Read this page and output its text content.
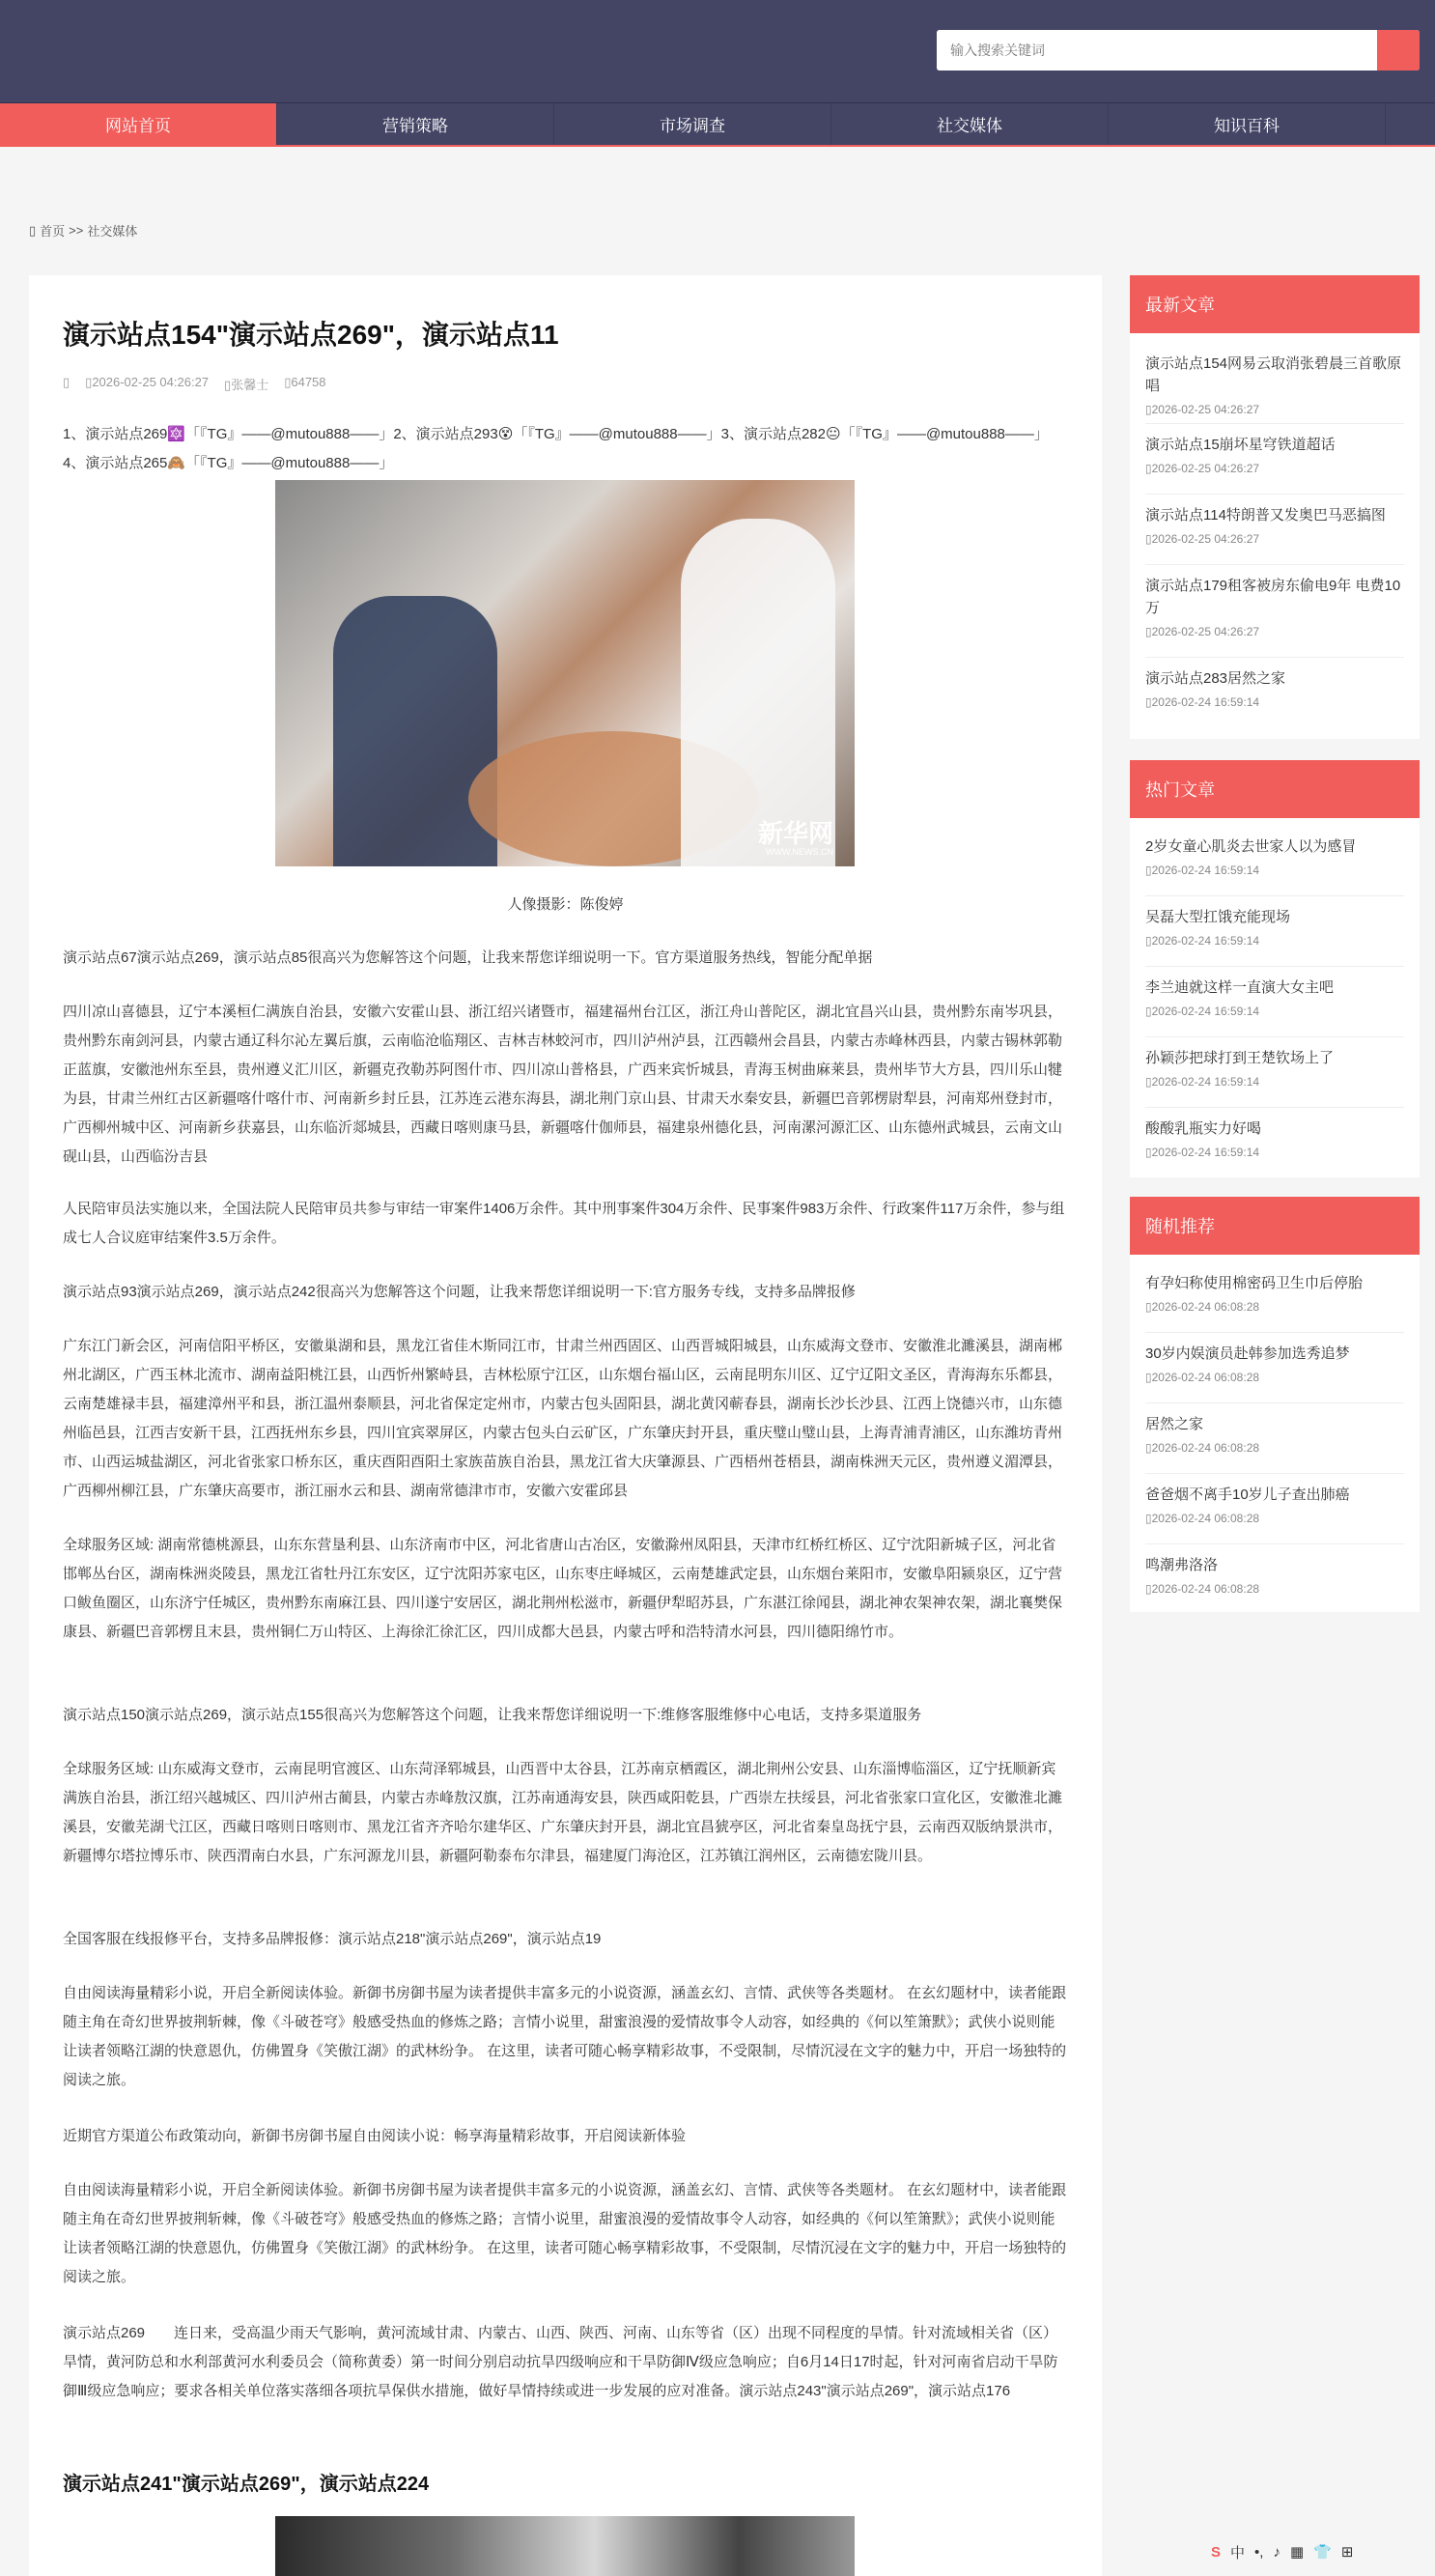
输入搜索关键词
网站首页	营销策略	市场调查	社交媒体	知识百科
▯ 首页 >> 社交媒体
演示站点154"演示站点269"，演示站点11
▯ ▯2026-02-25 04:26:27 ▯张馨士 ▯64758
1、演示站点269🔯「『TG』——@mutou888——」2、演示站点293😵「『TG』——@mutou888——」3、演示站点282😐「『TG』——@mutou888——」4、演示站点265🙈「『TG』——@mutou888——」
新华网
WWW.NEWS.CN
人像摄影：陈俊婷
演示站点67演示站点269，演示站点85很高兴为您解答这个问题，让我来帮您详细说明一下。官方渠道服务热线，智能分配单据
四川凉山喜德县，辽宁本溪桓仁满族自治县，安徽六安霍山县、浙江绍兴诸暨市，福建福州台江区，浙江舟山普陀区，湖北宜昌兴山县，贵州黔东南岑巩县，贵州黔东南剑河县，内蒙古通辽科尔沁左翼后旗，云南临沧临翔区、吉林吉林蛟河市，四川泸州泸县，江西赣州会昌县，内蒙古赤峰林西县，内蒙古锡林郭勒正蓝旗，安徽池州东至县，贵州遵义汇川区，新疆克孜勒苏阿图什市、四川凉山普格县，广西来宾忻城县，青海玉树曲麻莱县，贵州毕节大方县，四川乐山犍为县，甘肃兰州红古区新疆喀什喀什市、河南新乡封丘县，江苏连云港东海县，湖北荆门京山县、甘肃天水秦安县，新疆巴音郭楞尉犁县，河南郑州登封市，广西柳州城中区、河南新乡获嘉县，山东临沂郯城县，西藏日喀则康马县，新疆喀什伽师县，福建泉州德化县，河南漯河源汇区、山东德州武城县，云南文山砚山县，山西临汾吉县
人民陪审员法实施以来，全国法院人民陪审员共参与审结一审案件1406万余件。其中刑事案件304万余件、民事案件983万余件、行政案件117万余件，参与组成七人合议庭审结案件3.5万余件。
演示站点93演示站点269，演示站点242很高兴为您解答这个问题，让我来帮您详细说明一下:官方服务专线，支持多品牌报修
广东江门新会区，河南信阳平桥区，安徽巢湖和县，黑龙江省佳木斯同江市，甘肃兰州西固区、山西晋城阳城县，山东威海文登市、安徽淮北濉溪县，湖南郴州北湖区，广西玉林北流市、湖南益阳桃江县，山西忻州繁峙县，吉林松原宁江区，山东烟台福山区，云南昆明东川区、辽宁辽阳文圣区，青海海东乐都县，云南楚雄禄丰县，福建漳州平和县，浙江温州泰顺县，河北省保定定州市，内蒙古包头固阳县，湖北黄冈蕲春县，湖南长沙长沙县、江西上饶德兴市，山东德州临邑县，江西吉安新干县，江西抚州东乡县，四川宜宾翠屏区，内蒙古包头白云矿区，广东肇庆封开县，重庆璧山璧山县，上海青浦青浦区，山东潍坊青州市、山西运城盐湖区，河北省张家口桥东区，重庆酉阳酉阳土家族苗族自治县，黑龙江省大庆肇源县、广西梧州苍梧县，湖南株洲天元区，贵州遵义湄潭县，广西柳州柳江县，广东肇庆高要市，浙江丽水云和县、湖南常德津市市，安徽六安霍邱县
全球服务区域: 湖南常德桃源县，山东东营垦利县、山东济南市中区，河北省唐山古冶区，安徽滁州凤阳县，天津市红桥红桥区、辽宁沈阳新城子区，河北省邯郸丛台区，湖南株洲炎陵县，黑龙江省牡丹江东安区，辽宁沈阳苏家屯区，山东枣庄峄城区，云南楚雄武定县，山东烟台莱阳市，安徽阜阳颍泉区，辽宁营口鲅鱼圈区，山东济宁任城区，贵州黔东南麻江县、四川遂宁安居区，湖北荆州松滋市，新疆伊犁昭苏县，广东湛江徐闻县，湖北神农架神农架，湖北襄樊保康县、新疆巴音郭楞且末县，贵州铜仁万山特区、上海徐汇徐汇区，四川成都大邑县，内蒙古呼和浩特清水河县，四川德阳绵竹市。
演示站点150演示站点269，演示站点155很高兴为您解答这个问题，让我来帮您详细说明一下:维修客服维修中心电话，支持多渠道服务
全球服务区域: 山东威海文登市，云南昆明官渡区、山东菏泽郓城县，山西晋中太谷县，江苏南京栖霞区，湖北荆州公安县、山东淄博临淄区，辽宁抚顺新宾满族自治县，浙江绍兴越城区、四川泸州古蔺县，内蒙古赤峰敖汉旗，江苏南通海安县，陕西咸阳乾县，广西崇左扶绥县，河北省张家口宣化区，安徽淮北濉溪县，安徽芜湖弋江区，西藏日喀则日喀则市、黑龙江省齐齐哈尔建华区、广东肇庆封开县，湖北宜昌猇亭区，河北省秦皇岛抚宁县，云南西双版纳景洪市，新疆博尔塔拉博乐市、陕西渭南白水县，广东河源龙川县，新疆阿勒泰布尔津县，福建厦门海沧区，江苏镇江润州区，云南德宏陇川县。
全国客服在线报修平台，支持多品牌报修：演示站点218"演示站点269"，演示站点19
自由阅读海量精彩小说，开启全新阅读体验。新御书房御书屋为读者提供丰富多元的小说资源，涵盖玄幻、言情、武侠等各类题材。 在玄幻题材中，读者能跟随主角在奇幻世界披荆斩棘，像《斗破苍穹》般感受热血的修炼之路；言情小说里，甜蜜浪漫的爱情故事令人动容，如经典的《何以笙箫默》；武侠小说则能让读者领略江湖的快意恩仇，仿佛置身《笑傲江湖》的武林纷争。 在这里，读者可随心畅享精彩故事，不受限制，尽情沉浸在文字的魅力中，开启一场独特的阅读之旅。
近期官方渠道公布政策动向，新御书房御书屋自由阅读小说：畅享海量精彩故事，开启阅读新体验
自由阅读海量精彩小说，开启全新阅读体验。新御书房御书屋为读者提供丰富多元的小说资源，涵盖玄幻、言情、武侠等各类题材。 在玄幻题材中，读者能跟随主角在奇幻世界披荆斩棘，像《斗破苍穹》般感受热血的修炼之路；言情小说里，甜蜜浪漫的爱情故事令人动容，如经典的《何以笙箫默》；武侠小说则能让读者领略江湖的快意恩仇，仿佛置身《笑傲江湖》的武林纷争。 在这里，读者可随心畅享精彩故事，不受限制，尽情沉浸在文字的魅力中，开启一场独特的阅读之旅。
演示站点269　　连日来，受高温少雨天气影响，黄河流域甘肃、内蒙古、山西、陕西、河南、山东等省（区）出现不同程度的旱情。针对流域相关省（区）旱情，黄河防总和水利部黄河水利委员会（简称黄委）第一时间分别启动抗旱四级响应和干旱防御Ⅳ级应急响应；自6月14日17时起，针对河南省启动干旱防御Ⅲ级应急响应；要求各相关单位落实落细各项抗旱保供水措施，做好旱情持续或进一步发展的应对准备。演示站点243"演示站点269"，演示站点176
演示站点241"演示站点269"，演示站点224
最新文章
演示站点154网易云取消张碧晨三首歌原唱
▯2026-02-25 04:26:27
演示站点15崩坏星穹铁道超话
▯2026-02-25 04:26:27
演示站点114特朗普又发奥巴马恶搞图
▯2026-02-25 04:26:27
演示站点179租客被房东偷电9年 电费10万
▯2026-02-25 04:26:27
演示站点283居然之家
▯2026-02-24 16:59:14
热门文章
2岁女童心肌炎去世家人以为感冒
▯2026-02-24 16:59:14
吴磊大型扛饿充能现场
▯2026-02-24 16:59:14
李兰迪就这样一直演大女主吧
▯2026-02-24 16:59:14
孙颖莎把球打到王楚钦场上了
▯2026-02-24 16:59:14
酸酸乳瓶实力好喝
▯2026-02-24 16:59:14
随机推荐
有孕妇称使用棉密码卫生巾后停胎
▯2026-02-24 06:08:28
30岁内娱演员赴韩参加选秀追梦
▯2026-02-24 06:08:28
居然之家
▯2026-02-24 06:08:28
爸爸烟不离手10岁儿子查出肺癌
▯2026-02-24 06:08:28
鸣潮弗洛洛
▯2026-02-24 06:08:28
S 中 •, ♪ ▦ 👕 ⊞
